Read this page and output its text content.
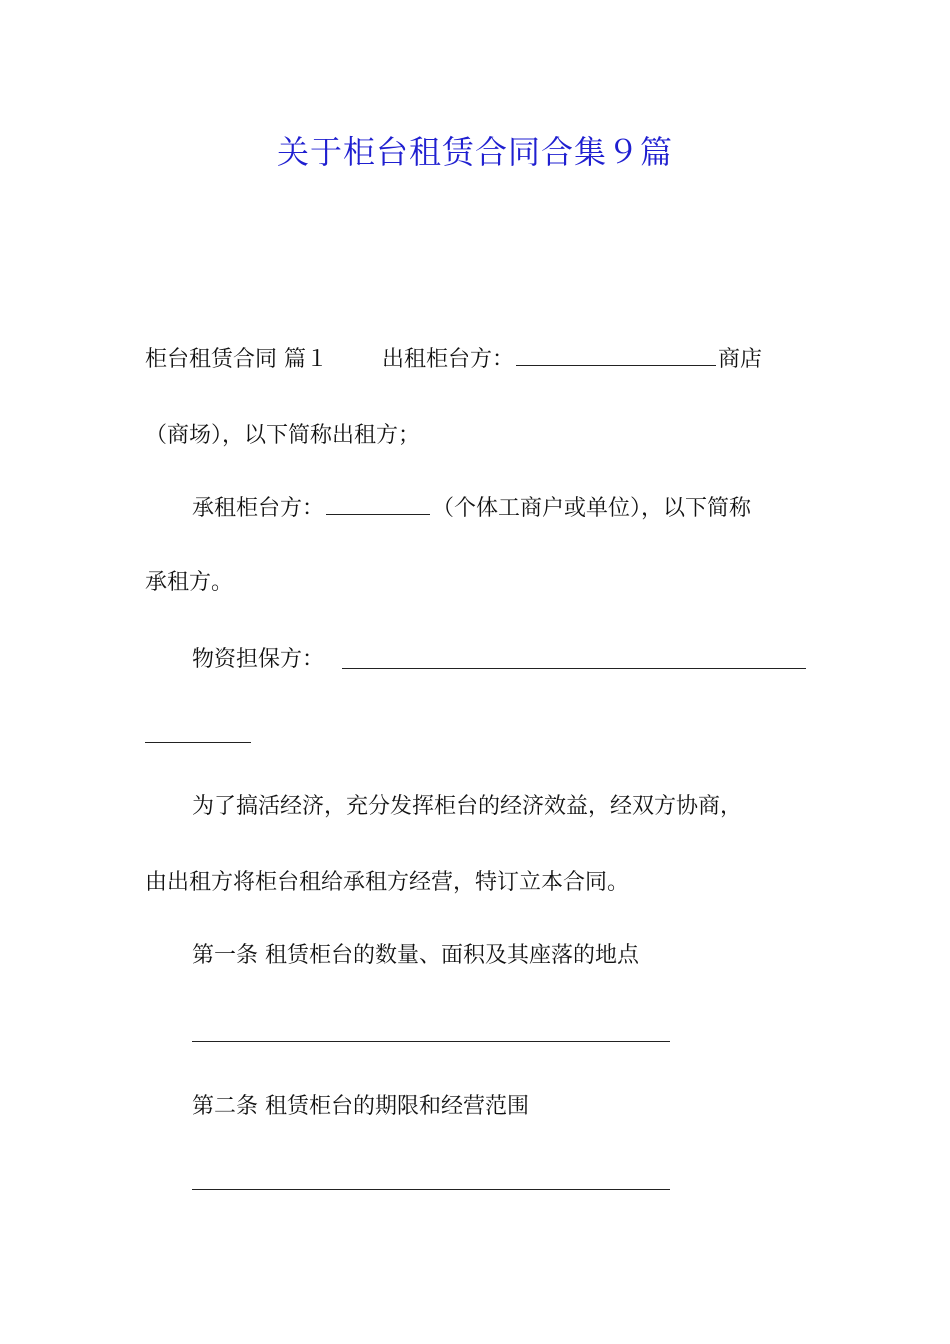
关于柜台租赁合同合集９篇
柜台租赁合同 篇１ 出租柜台方：	商店
（商场），以下简称出租方；
承租柜台方：	（个体工商户或单位），以下简称
承租方。
物资担保方：
为了搞活经济，充分发挥柜台的经济效益，经双方协商，
由出租方将柜台租给承租方经营，特订立本合同。
第一条 租赁柜台的数量、面积及其座落的地点
第二条 租赁柜台的期限和经营范围
